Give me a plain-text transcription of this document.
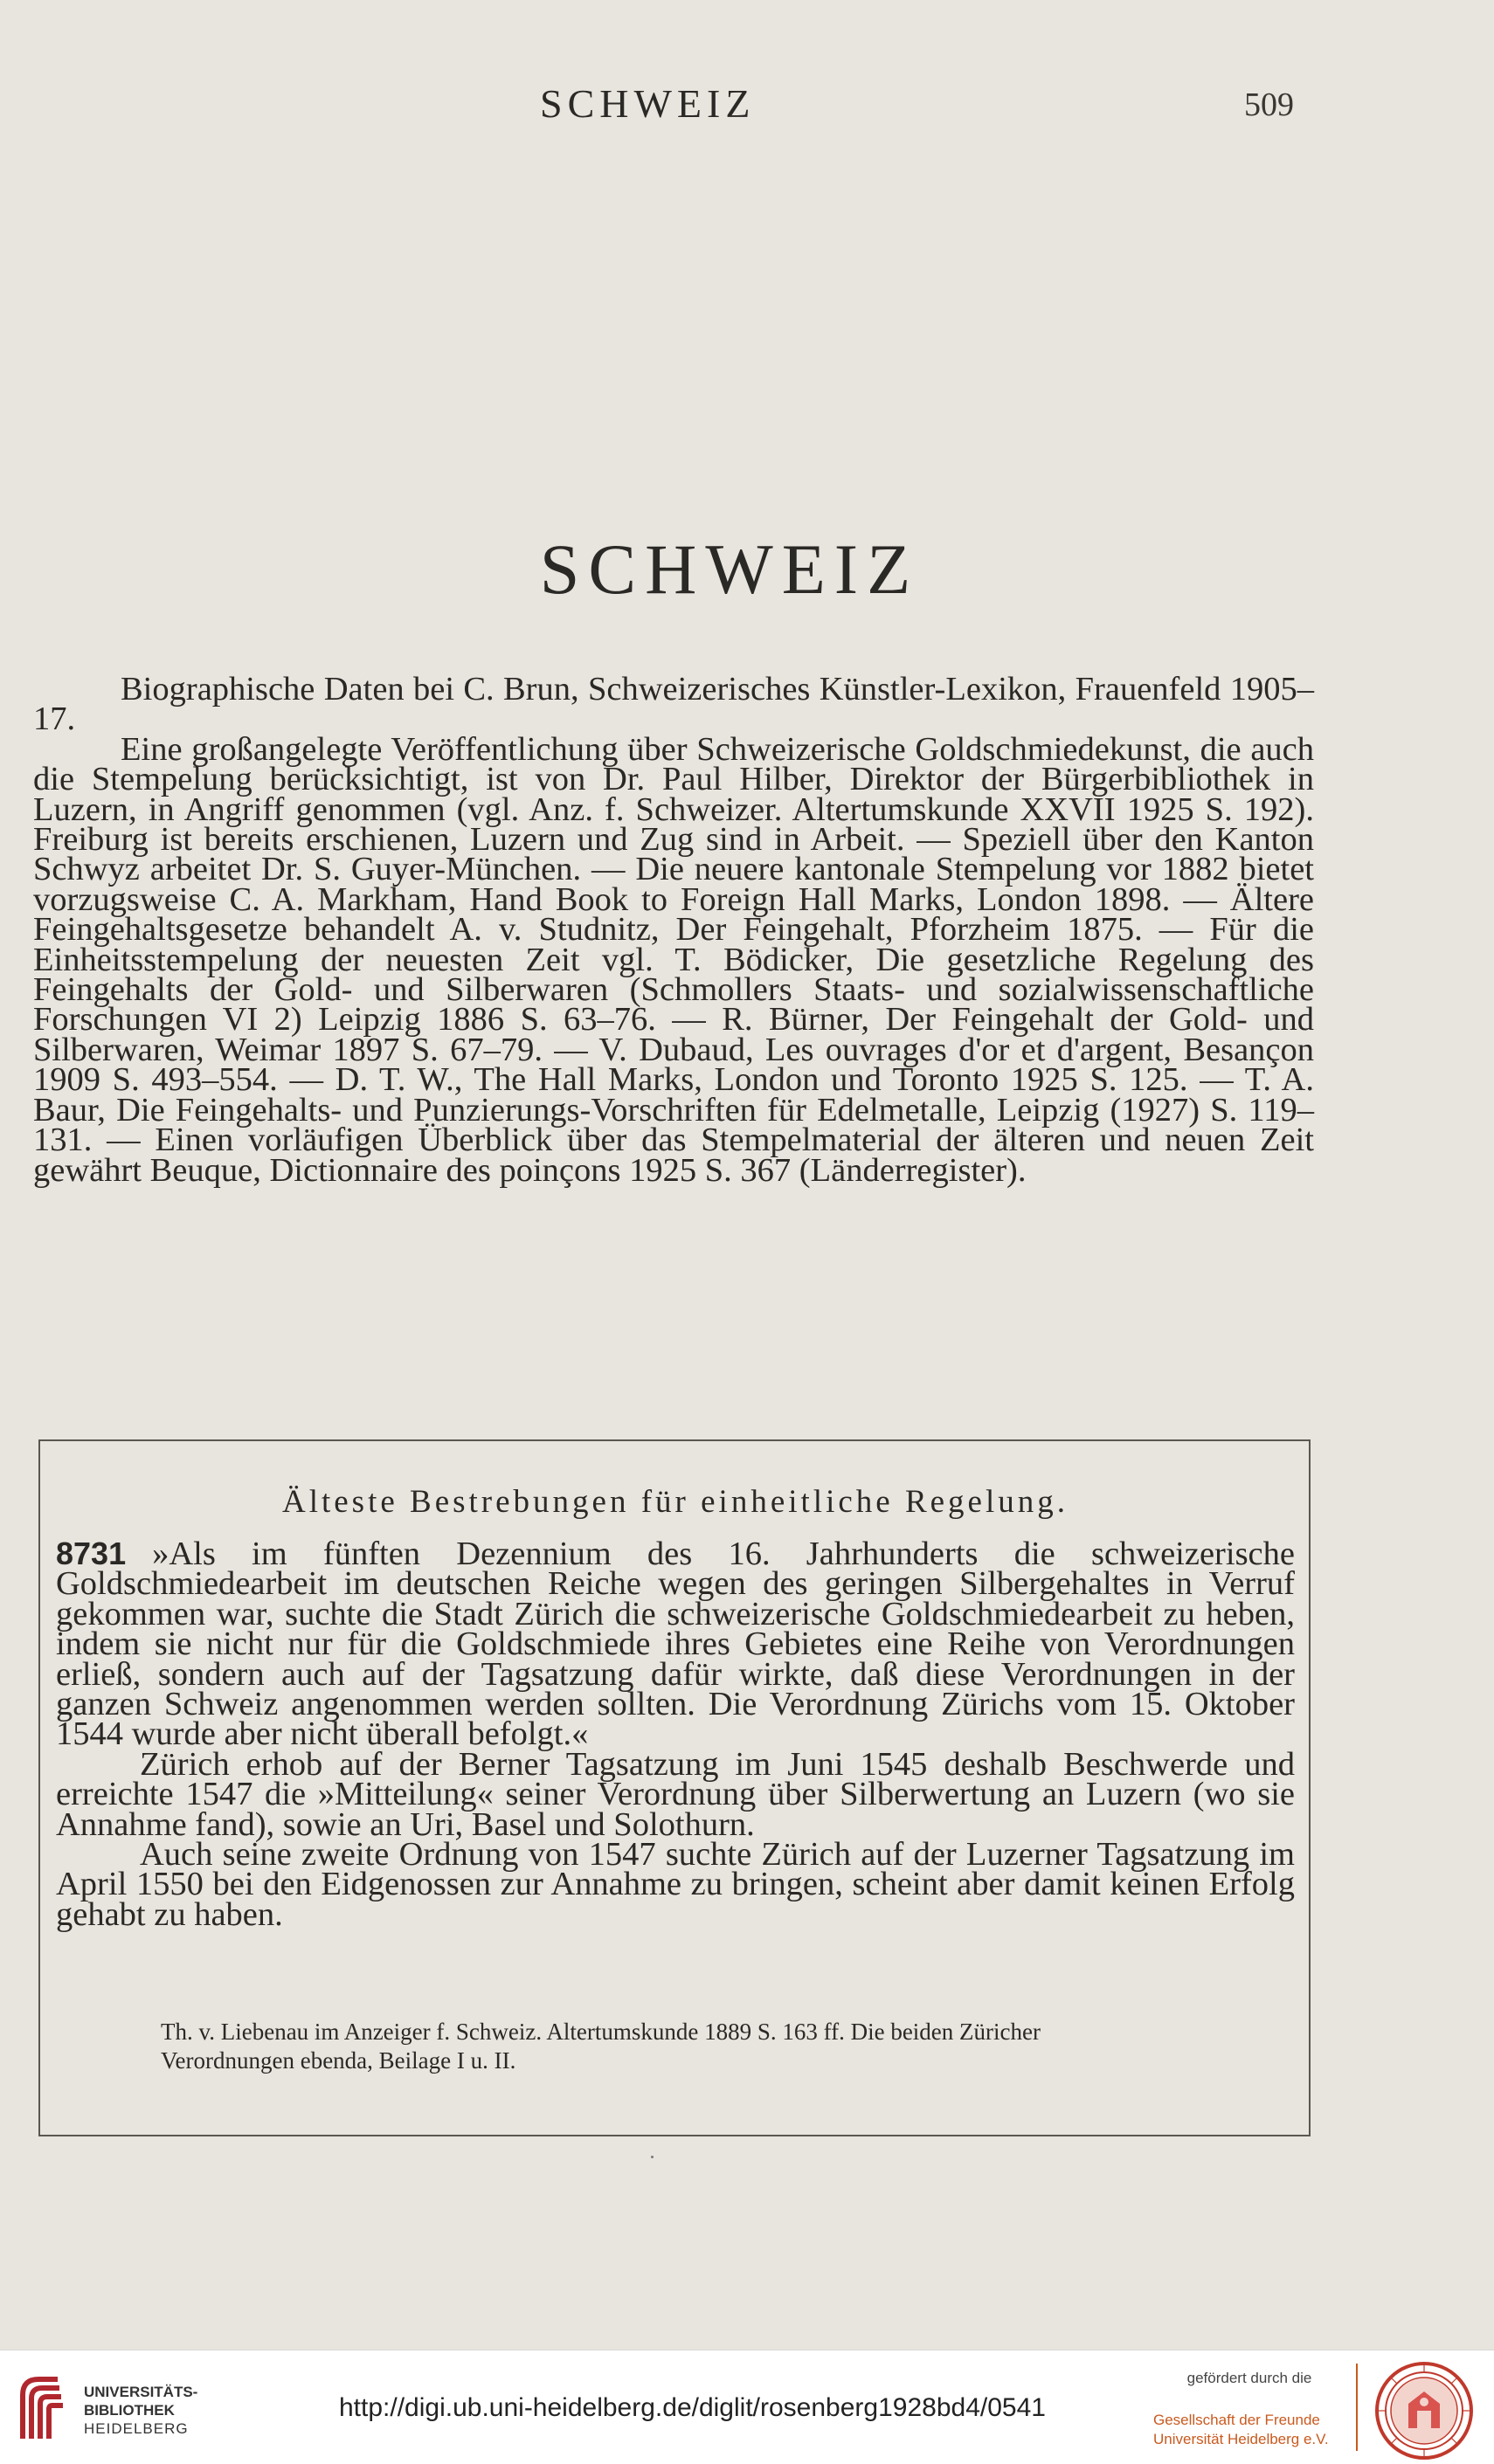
SCHWEIZ	509
SCHWEIZ

Biographische Daten bei C. Brun, Schweizerisches Künstler-Lexikon, Frauenfeld 1905–17.

Eine großangelegte Veröffentlichung über Schweizerische Goldschmiedekunst, die auch die Stempelung berücksichtigt, ist von Dr. Paul Hilber, Direktor der Bürgerbibliothek in Luzern, in Angriff genommen (vgl. Anz. f. Schweizer. Altertumskunde XXVII 1925 S. 192). Freiburg ist bereits erschienen, Luzern und Zug sind in Arbeit. — Speziell über den Kanton Schwyz arbeitet Dr. S. Guyer-München. — Die neuere kantonale Stempelung vor 1882 bietet vorzugsweise C. A. Markham, Hand Book to Foreign Hall Marks, London 1898. — Ältere Feingehaltsgesetze behandelt A. v. Studnitz, Der Feingehalt, Pforzheim 1875. — Für die Einheitsstempelung der neuesten Zeit vgl. T. Bödicker, Die gesetzliche Regelung des Feingehalts der Gold- und Silberwaren (Schmollers Staats- und sozialwissenschaftliche Forschungen VI 2) Leipzig 1886 S. 63–76. — R. Bürner, Der Feingehalt der Gold- und Silberwaren, Weimar 1897 S. 67–79. — V. Dubaud, Les ouvrages d'or et d'argent, Besançon 1909 S. 493–554. — D. T. W., The Hall Marks, London und Toronto 1925 S. 125. — T. A. Baur, Die Feingehalts- und Punzierungs-Vorschriften für Edelmetalle, Leipzig (1927) S. 119–131. — Einen vorläufigen Überblick über das Stempelmaterial der älteren und neuen Zeit gewährt Beuque, Dictionnaire des poinçons 1925 S. 367 (Länderregister).

Älteste Bestrebungen für einheitliche Regelung.

8731 »Als im fünften Dezennium des 16. Jahrhunderts die schweizerische Goldschmiedearbeit im deutschen Reiche wegen des geringen Silbergehaltes in Verruf gekommen war, suchte die Stadt Zürich die schweizerische Goldschmiedearbeit zu heben, indem sie nicht nur für die Goldschmiede ihres Gebietes eine Reihe von Verordnungen erließ, sondern auch auf der Tagsatzung dafür wirkte, daß diese Verordnungen in der ganzen Schweiz angenommen werden sollten. Die Verordnung Zürichs vom 15. Oktober 1544 wurde aber nicht überall befolgt.«

Zürich erhob auf der Berner Tagsatzung im Juni 1545 deshalb Beschwerde und erreichte 1547 die »Mitteilung« seiner Verordnung über Silberwertung an Luzern (wo sie Annahme fand), sowie an Uri, Basel und Solothurn.

Auch seine zweite Ordnung von 1547 suchte Zürich auf der Luzerner Tagsatzung im April 1550 bei den Eidgenossen zur Annahme zu bringen, scheint aber damit keinen Erfolg gehabt zu haben.

Th. v. Liebenau im Anzeiger f. Schweiz. Altertumskunde 1889 S. 163 ff. Die beiden Züricher
Verordnungen ebenda, Beilage I u. II.
UNIVERSITÄTS-
BIBLIOTHEK
HEIDELBERG
http://digi.ub.uni-heidelberg.de/diglit/rosenberg1928bd4/0541
gefördert durch die
Gesellschaft der Freunde
Universität Heidelberg e.V.
